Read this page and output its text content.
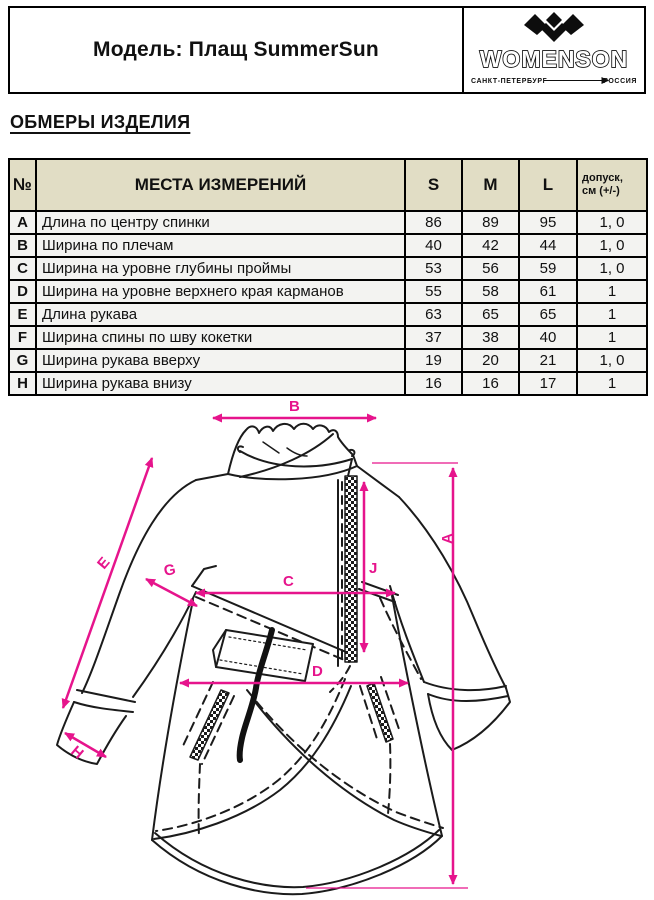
Модель: Плащ SummerSun	WOMENSON
САНКТ-ПЕТЕРБУРГ	РОССИЯ
ОБМЕРЫ ИЗДЕЛИЯ
№	МЕСТА ИЗМЕРЕНИЙ	S	M	L	допуск,
см (+/-)
A	Длина по центру спинки	86	89	95	1, 0
B	Ширина по плечам	40	42	44	1, 0
C	Ширина на уровне глубины проймы	53	56	59	1, 0
D	Ширина на уровне верхнего края карманов	55	58	61	1
E	Длина рукава	63	65	65	1
F	Ширина спины по шву кокетки	37	38	40	1
G	Ширина рукава вверху	19	20	21	1, 0
H	Ширина рукава внизу	16	16	17	1
B
E	G
C
J
A
D
H
